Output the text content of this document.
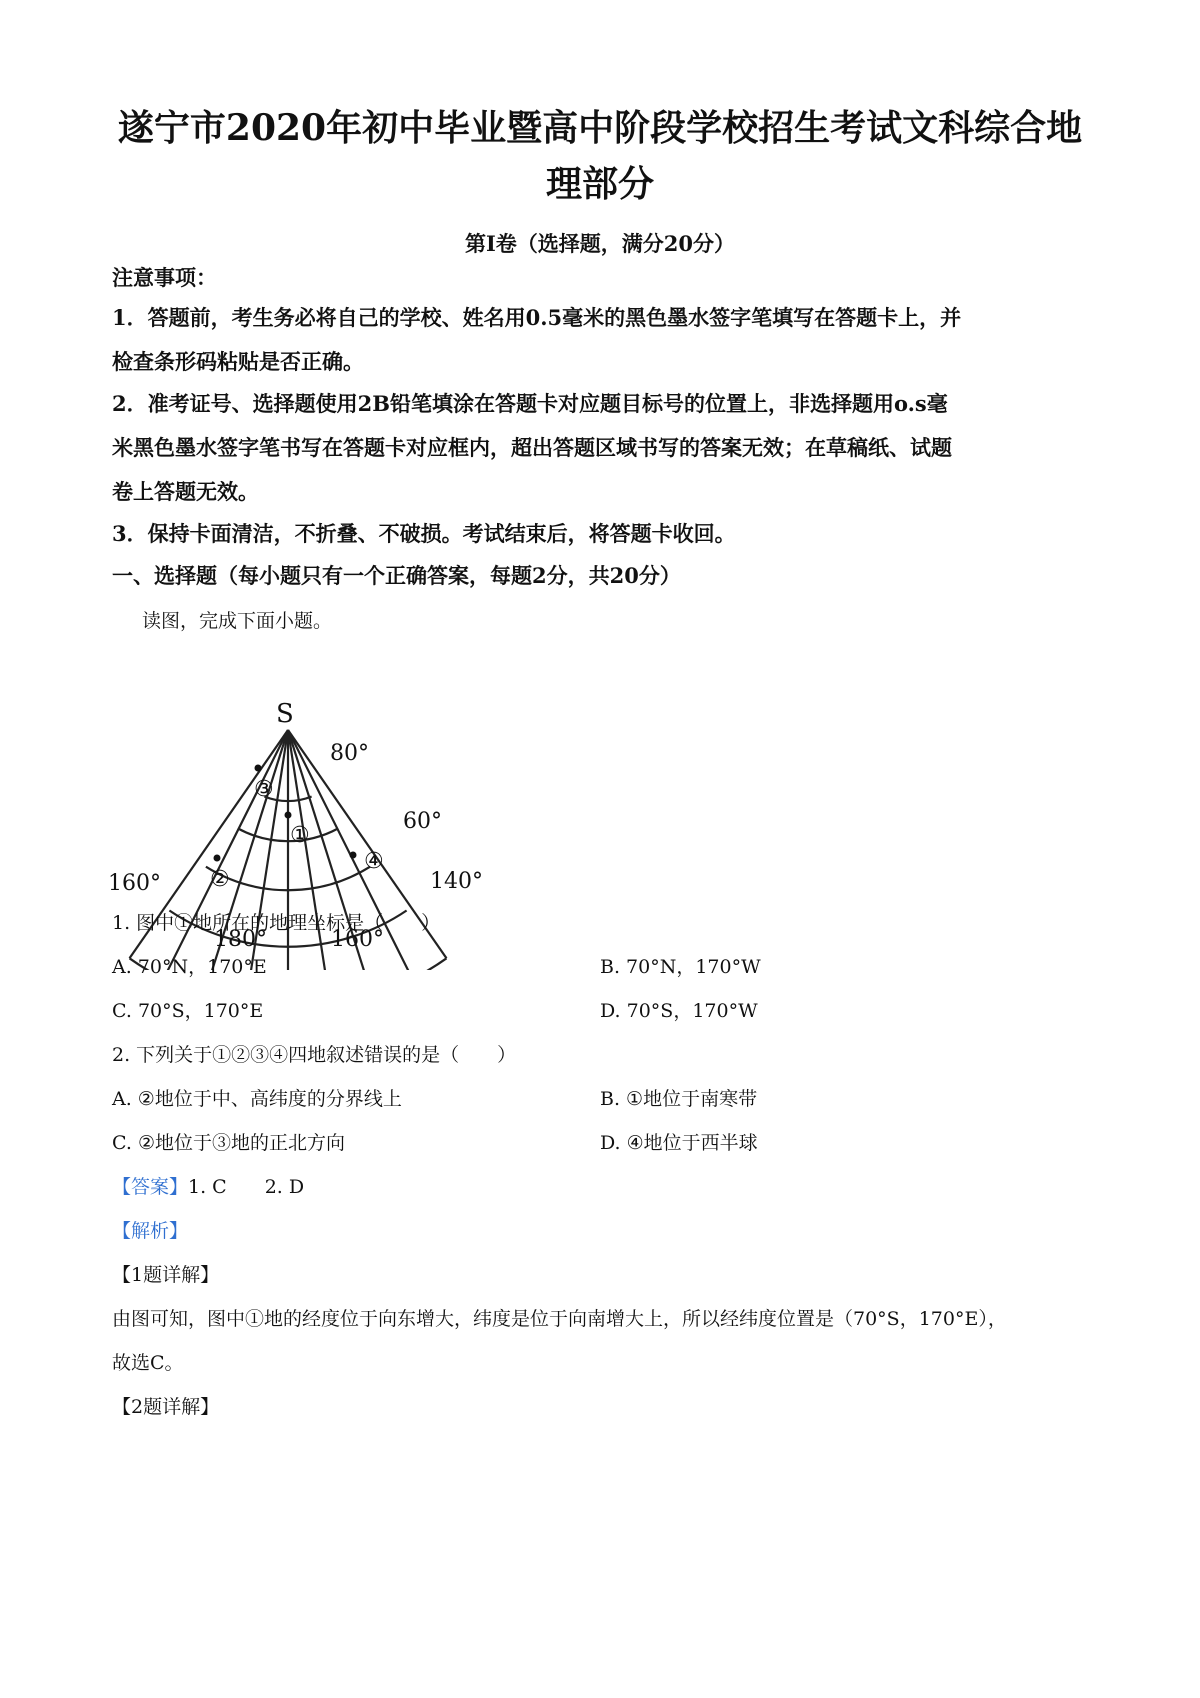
遂宁市2020年初中毕业暨高中阶段学校招生考试文科综合地
理部分
第I卷（选择题，满分20分）
注意事项：
1．答题前，考生务必将自己的学校、姓名用0.5毫米的黑色墨水签字笔填写在答题卡上，并
检查条形码粘贴是否正确。
2．准考证号、选择题使用2B铅笔填涂在答题卡对应题目标号的位置上，非选择题用o.s毫
米黑色墨水签字笔书写在答题卡对应框内，超出答题区域书写的答案无效；在草稿纸、试题
卷上答题无效。
3．保持卡面清洁，不折叠、不破损。考试结束后，将答题卡收回。
一、选择题（每小题只有一个正确答案，每题2分，共20分）
读图，完成下面小题。
S
80°
60°
160°	140°
180°	160°
①
②
③
④
1. 图中①地所在的地理坐标是（　　）
A. 70°N，170°E	B. 70°N，170°W
C. 70°S，170°E	D. 70°S，170°W
2. 下列关于①②③④四地叙述错误的是（　　）
A. ②地位于中、高纬度的分界线上	B. ①地位于南寒带
C. ②地位于③地的正北方向	D. ④地位于西半球
【答案】1. C　　2. D
【解析】
【1题详解】
由图可知，图中①地的经度位于向东增大，纬度是位于向南增大上，所以经纬度位置是（70°S，170°E），
故选C。
【2题详解】
